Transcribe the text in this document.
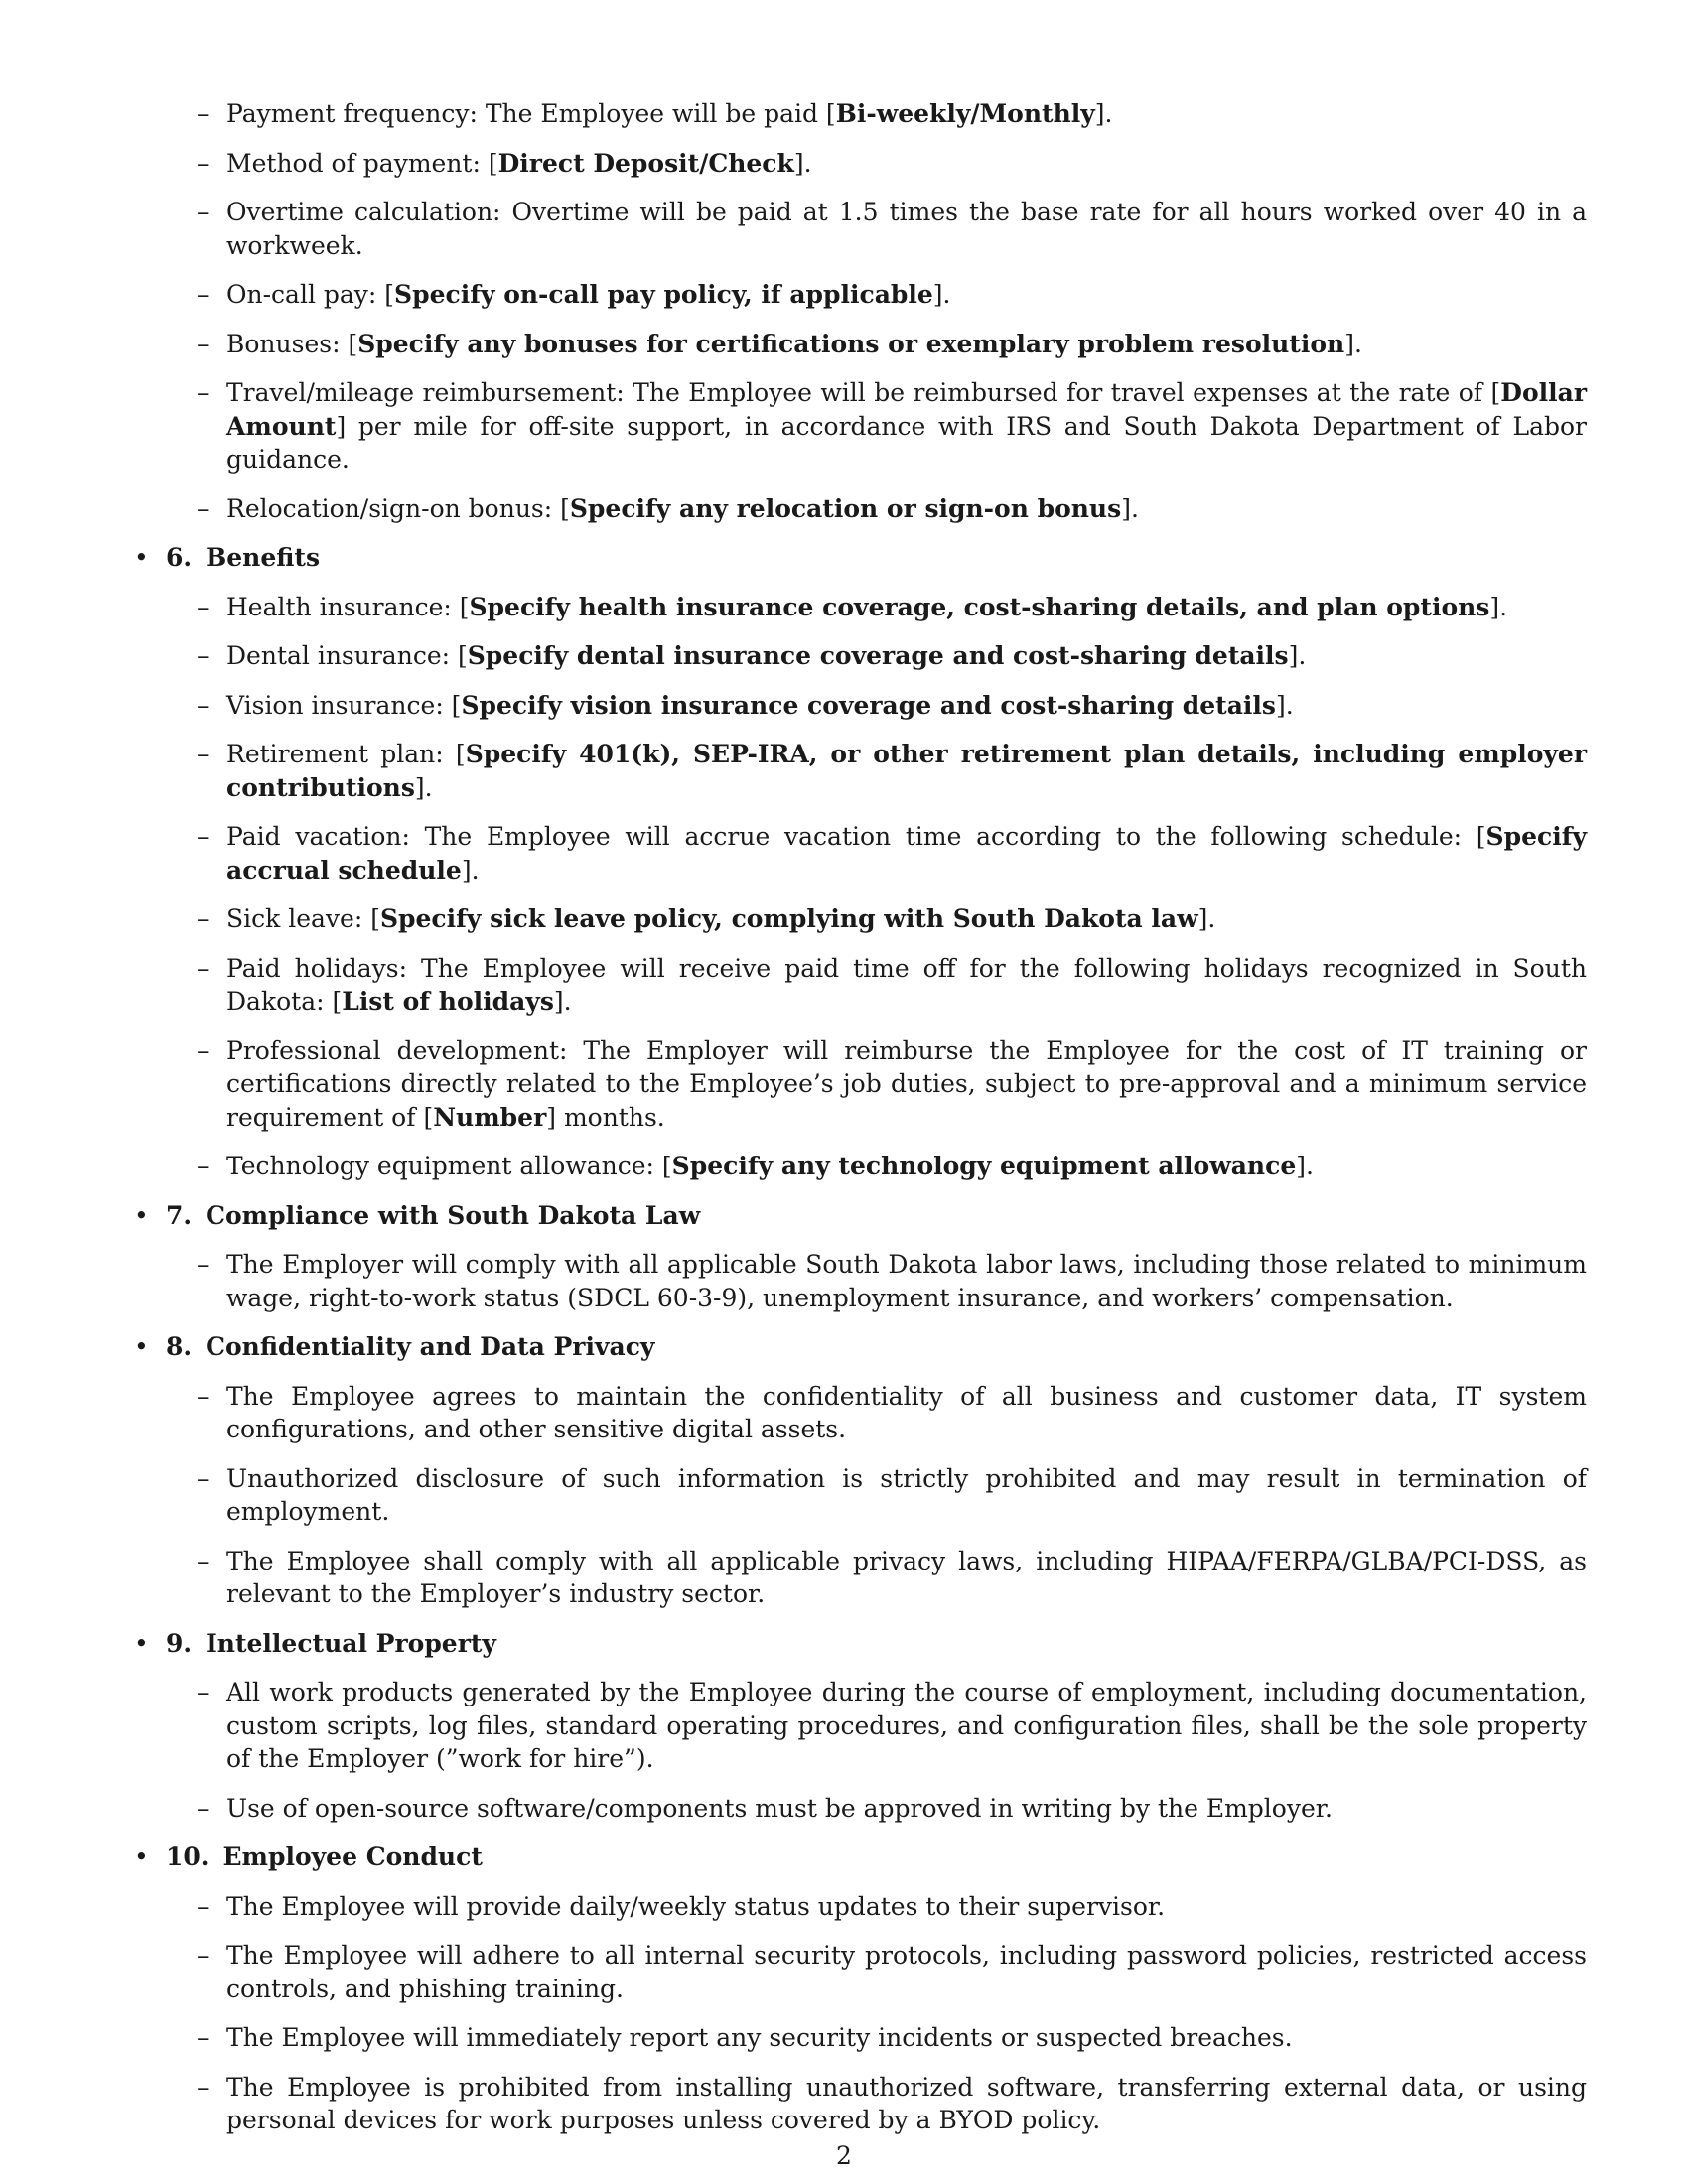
– Payment frequency: The Employee will be paid [Bi-weekly/Monthly].
– Method of payment: [Direct Deposit/Check].
– Overtime calculation: Overtime will be paid at 1.5 times the base rate for all hours worked over 40 in a workweek.
– On-call pay: [Specify on-call pay policy, if applicable].
– Bonuses: [Specify any bonuses for certifications or exemplary problem resolution].
– Travel/mileage reimbursement: The Employee will be reimbursed for travel expenses at the rate of [Dollar Amount] per mile for off-site support, in accordance with IRS and South Dakota Department of Labor guidance.
– Relocation/sign-on bonus: [Specify any relocation or sign-on bonus].
• 6. Benefits
– Health insurance: [Specify health insurance coverage, cost-sharing details, and plan options].
– Dental insurance: [Specify dental insurance coverage and cost-sharing details].
– Vision insurance: [Specify vision insurance coverage and cost-sharing details].
– Retirement plan: [Specify 401(k), SEP-IRA, or other retirement plan details, including employer contributions].
– Paid vacation: The Employee will accrue vacation time according to the following schedule: [Specify accrual schedule].
– Sick leave: [Specify sick leave policy, complying with South Dakota law].
– Paid holidays: The Employee will receive paid time off for the following holidays recognized in South Dakota: [List of holidays].
– Professional development: The Employer will reimburse the Employee for the cost of IT training or certifications directly related to the Employee’s job duties, subject to pre-approval and a minimum service requirement of [Number] months.
– Technology equipment allowance: [Specify any technology equipment allowance].
• 7. Compliance with South Dakota Law
– The Employer will comply with all applicable South Dakota labor laws, including those related to minimum wage, right-to-work status (SDCL 60-3-9), unemployment insurance, and workers’ compensation.
• 8. Confidentiality and Data Privacy
– The Employee agrees to maintain the confidentiality of all business and customer data, IT system configurations, and other sensitive digital assets.
– Unauthorized disclosure of such information is strictly prohibited and may result in termination of employment.
– The Employee shall comply with all applicable privacy laws, including HIPAA/FERPA/GLBA/PCI-DSS, as relevant to the Employer’s industry sector.
• 9. Intellectual Property
– All work products generated by the Employee during the course of employment, including documentation, custom scripts, log files, standard operating procedures, and configuration files, shall be the sole property of the Employer (”work for hire”).
– Use of open-source software/components must be approved in writing by the Employer.
• 10. Employee Conduct
– The Employee will provide daily/weekly status updates to their supervisor.
– The Employee will adhere to all internal security protocols, including password policies, restricted access controls, and phishing training.
– The Employee will immediately report any security incidents or suspected breaches.
– The Employee is prohibited from installing unauthorized software, transferring external data, or using personal devices for work purposes unless covered by a BYOD policy.
2
